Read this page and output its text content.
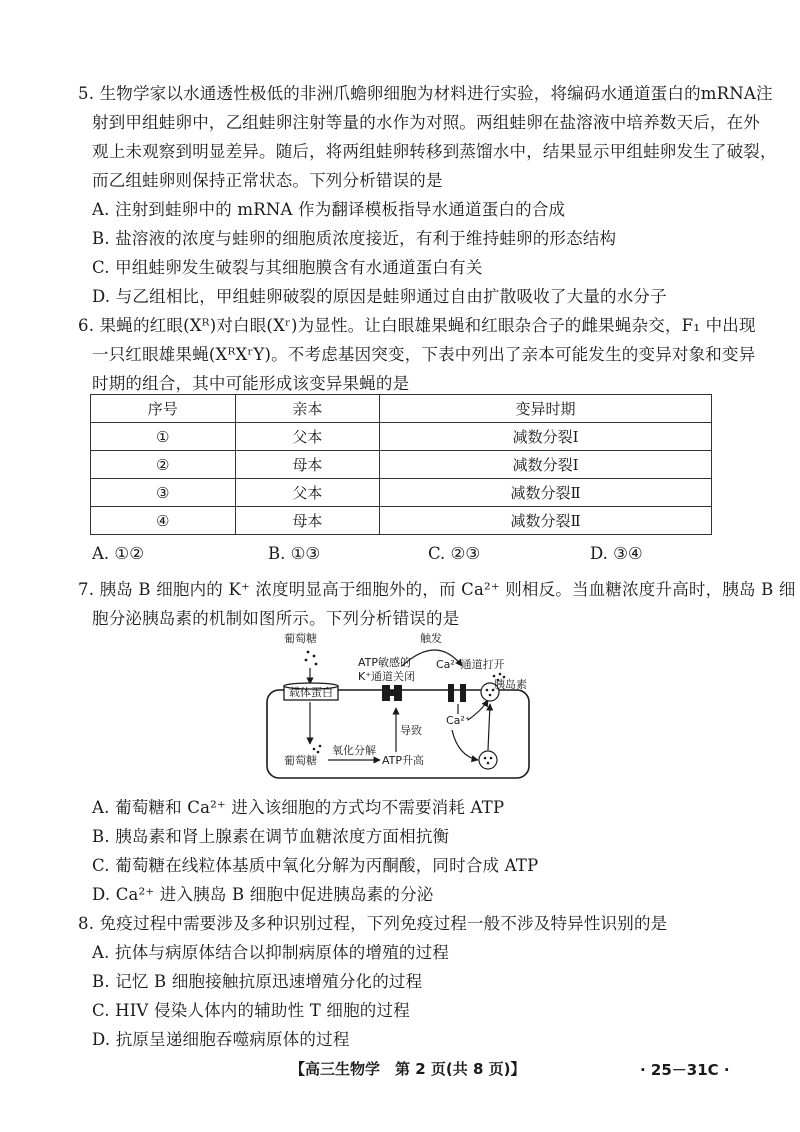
5. 生物学家以水通透性极低的非洲爪蟾卵细胞为材料进行实验，将编码水通道蛋白的mRNA注
射到甲组蛙卵中，乙组蛙卵注射等量的水作为对照。两组蛙卵在盐溶液中培养数天后，在外
观上未观察到明显差异。随后，将两组蛙卵转移到蒸馏水中，结果显示甲组蛙卵发生了破裂，
而乙组蛙卵则保持正常状态。下列分析错误的是
A. 注射到蛙卵中的 mRNA 作为翻译模板指导水通道蛋白的合成
B. 盐溶液的浓度与蛙卵的细胞质浓度接近，有利于维持蛙卵的形态结构
C. 甲组蛙卵发生破裂与其细胞膜含有水通道蛋白有关
D. 与乙组相比，甲组蛙卵破裂的原因是蛙卵通过自由扩散吸收了大量的水分子
6. 果蝇的红眼(Xᴿ)对白眼(Xʳ)为显性。让白眼雄果蝇和红眼杂合子的雌果蝇杂交，F₁ 中出现
一只红眼雄果蝇(XᴿXʳY)。不考虑基因突变，下表中列出了亲本可能发生的变异对象和变异
时期的组合，其中可能形成该变异果蝇的是
序号	亲本	变异时期
①	父本	减数分裂Ⅰ
②	母本	减数分裂Ⅰ
③	父本	减数分裂Ⅱ
④	母本	减数分裂Ⅱ
A. ①②	B. ①③	C. ②③	D. ③④
7. 胰岛 B 细胞内的 K⁺ 浓度明显高于细胞外的，而 Ca²⁺ 则相反。当血糖浓度升高时，胰岛 B 细
胞分泌胰岛素的机制如图所示。下列分析错误的是
葡萄糖
载体蛋白
葡萄糖
氧化分解
ATP升高
导致
ATP敏感的
K⁺通道关闭
触发
Ca²⁺通道打开
Ca²⁺
胰岛素
A. 葡萄糖和 Ca²⁺ 进入该细胞的方式均不需要消耗 ATP
B. 胰岛素和肾上腺素在调节血糖浓度方面相抗衡
C. 葡萄糖在线粒体基质中氧化分解为丙酮酸，同时合成 ATP
D. Ca²⁺ 进入胰岛 B 细胞中促进胰岛素的分泌
8. 免疫过程中需要涉及多种识别过程，下列免疫过程一般不涉及特异性识别的是
A. 抗体与病原体结合以抑制病原体的增殖的过程
B. 记忆 B 细胞接触抗原迅速增殖分化的过程
C. HIV 侵染人体内的辅助性 T 细胞的过程
D. 抗原呈递细胞吞噬病原体的过程
【高三生物学　第 2 页(共 8 页)】	· 25－31C ·
